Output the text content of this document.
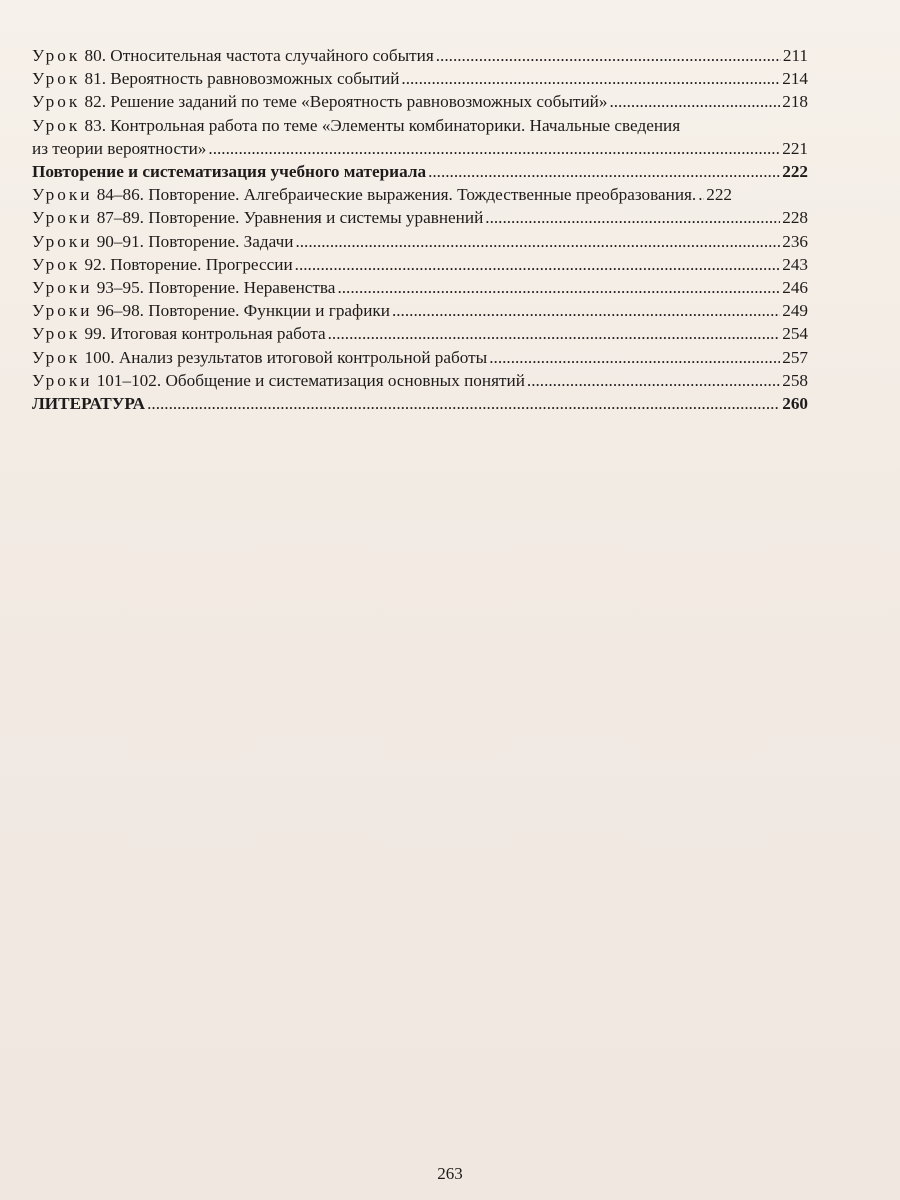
Урок 80. Относительная частота случайного события .....	211
Урок 81. Вероятность равновозможных событий .....	214
Урок 82. Решение заданий по теме «Вероятность равновозможных событий» .....	218
Урок 83. Контрольная работа по теме «Элементы комбинаторики. Начальные сведения
из теории вероятности» .....	221
Повторение и систематизация учебного материала .....	222
Уроки 84–86. Повторение. Алгебраические выражения. Тождественные преобразования. ..... 222
Уроки 87–89. Повторение. Уравнения и системы уравнений .....	228
Уроки 90–91. Повторение. Задачи .....	236
Урок 92. Повторение. Прогрессии .....	243
Уроки 93–95. Повторение. Неравенства .....	246
Уроки 96–98. Повторение. Функции и графики .....	249
Урок 99. Итоговая контрольная работа .....	254
Урок 100. Анализ результатов итоговой контрольной работы .....	257
Уроки 101–102. Обобщение и систематизация основных понятий .....	258
ЛИТЕРАТУРА .....	260
263
